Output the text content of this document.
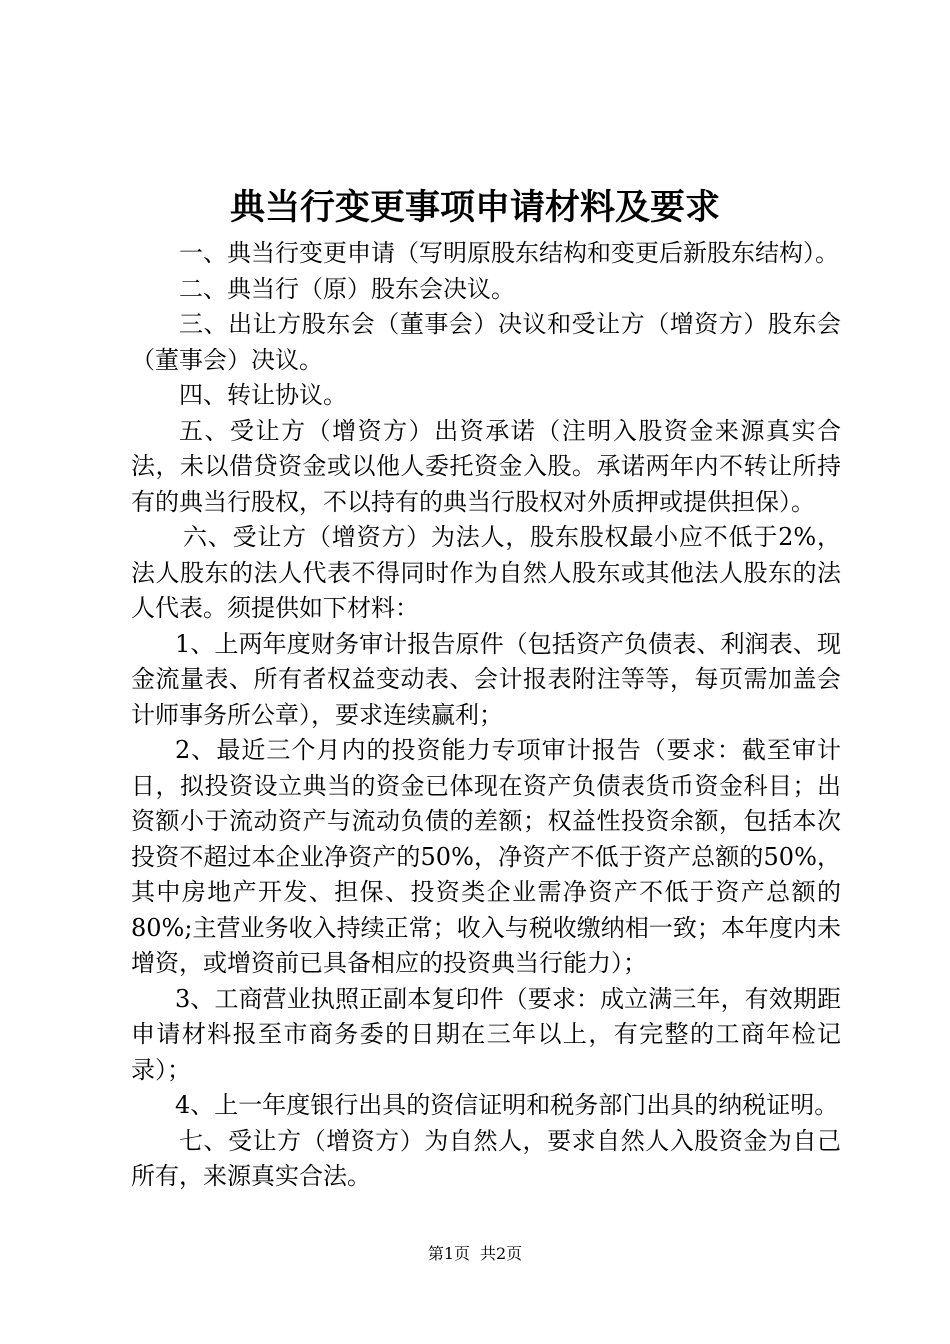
典当行变更事项申请材料及要求

一、典当行变更申请（写明原股东结构和变更后新股东结构）。

二、典当行（原）股东会决议。

三、出让方股东会（董事会）决议和受让方（增资方）股东会（董事会）决议。

四、转让协议。

五、受让方（增资方）出资承诺（注明入股资金来源真实合法，未以借贷资金或以他人委托资金入股。承诺两年内不转让所持有的典当行股权，不以持有的典当行股权对外质押或提供担保）。

六、受让方（增资方）为法人，股东股权最小应不低于2%，法人股东的法人代表不得同时作为自然人股东或其他法人股东的法人代表。须提供如下材料：

1、上两年度财务审计报告原件（包括资产负债表、利润表、现金流量表、所有者权益变动表、会计报表附注等等，每页需加盖会计师事务所公章），要求连续赢利；

2、最近三个月内的投资能力专项审计报告（要求：截至审计日，拟投资设立典当的资金已体现在资产负债表货币资金科目；出资额小于流动资产与流动负债的差额；权益性投资余额，包括本次投资不超过本企业净资产的50%，净资产不低于资产总额的50%，其中房地产开发、担保、投资类企业需净资产不低于资产总额的80%;主营业务收入持续正常；收入与税收缴纳相一致；本年度内未增资，或增资前已具备相应的投资典当行能力）；

3、工商营业执照正副本复印件（要求：成立满三年，有效期距申请材料报至市商务委的日期在三年以上，有完整的工商年检记录）；

4、上一年度银行出具的资信证明和税务部门出具的纳税证明。

七、受让方（增资方）为自然人，要求自然人入股资金为自己所有，来源真实合法。

第1页 共2页
